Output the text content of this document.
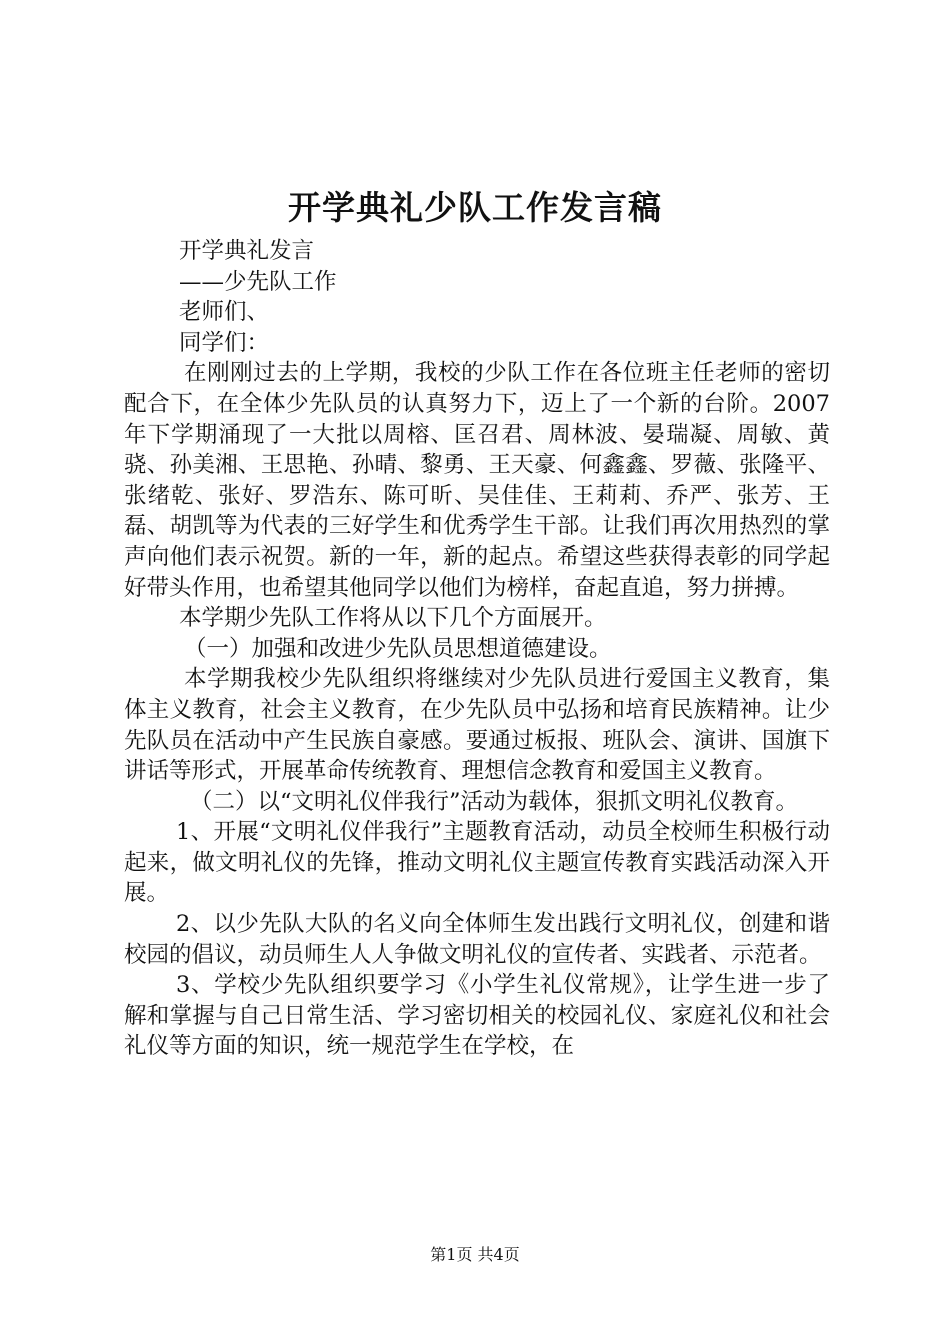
开学典礼少队工作发言稿

开学典礼发言

——少先队工作

老师们、

同学们：

在刚刚过去的上学期，我校的少队工作在各位班主任老师的密切配合下，在全体少先队员的认真努力下，迈上了一个新的台阶。2007年下学期涌现了一大批以周榕、匡召君、周林波、晏瑞凝、周敏、黄骁、孙美湘、王思艳、孙晴、黎勇、王天豪、何鑫鑫、罗薇、张隆平、张绪乾、张好、罗浩东、陈可昕、吴佳佳、王莉莉、乔严、张芳、王磊、胡凯等为代表的三好学生和优秀学生干部。让我们再次用热烈的掌声向他们表示祝贺。新的一年，新的起点。希望这些获得表彰的同学起好带头作用，也希望其他同学以他们为榜样，奋起直追，努力拼搏。

本学期少先队工作将从以下几个方面展开。

（一）加强和改进少先队员思想道德建设。

本学期我校少先队组织将继续对少先队员进行爱国主义教育，集体主义教育，社会主义教育，在少先队员中弘扬和培育民族精神。让少先队员在活动中产生民族自豪感。要通过板报、班队会、演讲、国旗下讲话等形式，开展革命传统教育、理想信念教育和爱国主义教育。

（二）以“文明礼仪伴我行”活动为载体，狠抓文明礼仪教育。

1、开展“文明礼仪伴我行”主题教育活动，动员全校师生积极行动起来，做文明礼仪的先锋，推动文明礼仪主题宣传教育实践活动深入开展。

2、以少先队大队的名义向全体师生发出践行文明礼仪，创建和谐校园的倡议，动员师生人人争做文明礼仪的宣传者、实践者、示范者。

3、学校少先队组织要学习《小学生礼仪常规》，让学生进一步了解和掌握与自己日常生活、学习密切相关的校园礼仪、家庭礼仪和社会礼仪等方面的知识，统一规范学生在学校，在

第1页 共4页
